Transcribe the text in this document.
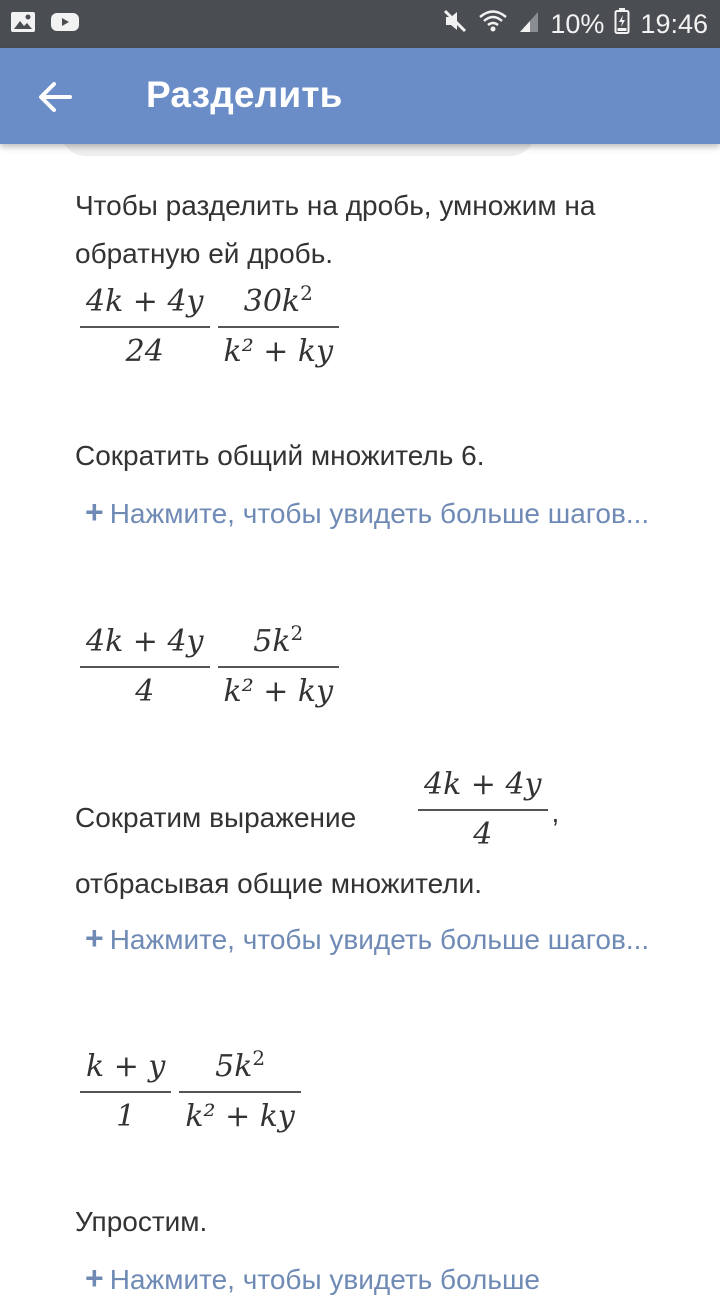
10% 19:46
Разделить
Чтобы разделить на дробь, умножим на обратную ей дробь.
$\frac{4k + 4y}{24} \frac{30k^2}{\text{k² + ky}}$
Сократить общий множитель 6.
+ Нажмите, чтобы увидеть больше шагов...
$\frac{4k + 4y}{4} \frac{5k^2}{\text{k² + ky}}$
Сократим выражение $\frac{4k + 4y}{4}$ ,
отбрасывая общие множители.
+ Нажмите, чтобы увидеть больше шагов...
$\frac{k + y}{1} \frac{5k^2}{\text{k² + ky}}$
Упростим.
+ Нажмите, чтобы увидеть больше
